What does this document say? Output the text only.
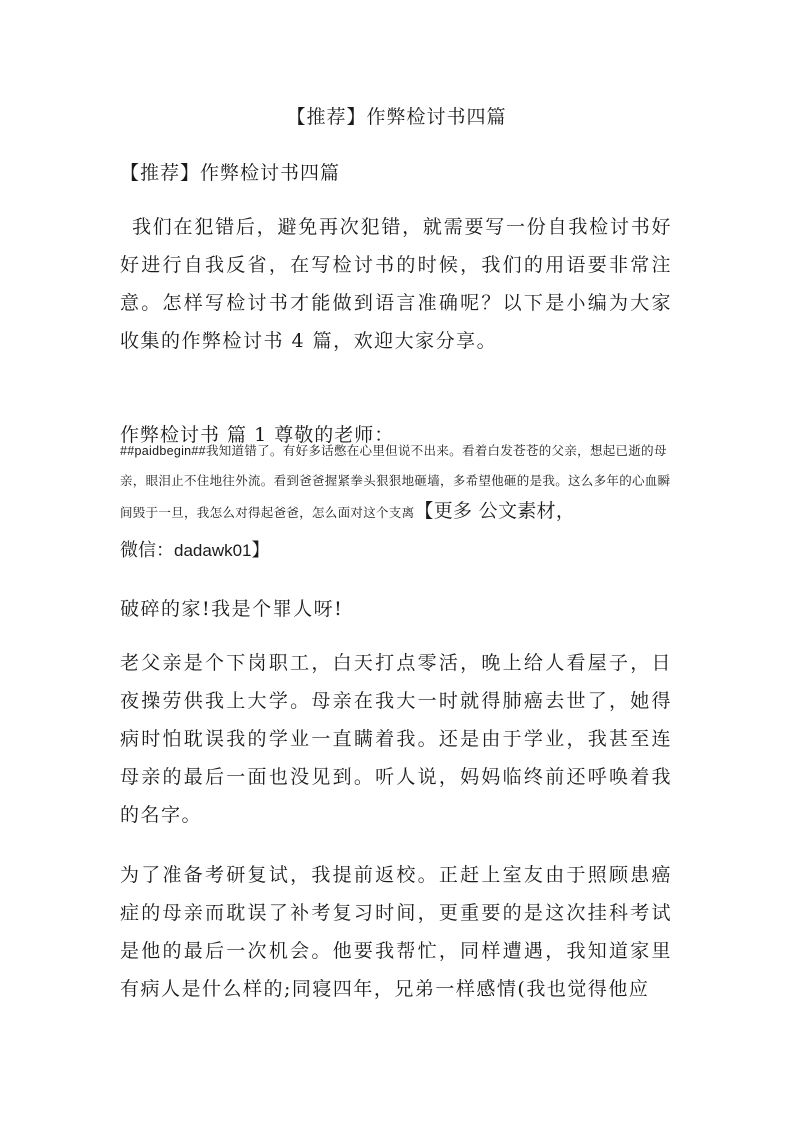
【推荐】作弊检讨书四篇
【推荐】作弊检讨书四篇

我们在犯错后，避免再次犯错，就需要写一份自我检讨书好好进行自我反省，在写检讨书的时候，我们的用语要非常注意。怎样写检讨书才能做到语言准确呢？以下是小编为大家收集的作弊检讨书 4 篇，欢迎大家分享。

作弊检讨书 篇 1 尊敬的老师：
##paidbegin##我知道错了。有好多话憋在心里但说不出来。看着白发苍苍的父亲，想起已逝的母亲，眼泪止不住地往外流。看到爸爸握紧拳头狠狠地砸墙，多希望他砸的是我。这么多年的心血瞬间毁于一旦，我怎么对得起爸爸，怎么面对这个支离【更多 公文素材，
微信：dadawk01】

破碎的家!我是个罪人呀!

老父亲是个下岗职工，白天打点零活，晚上给人看屋子，日夜操劳供我上大学。母亲在我大一时就得肺癌去世了，她得病时怕耽误我的学业一直瞒着我。还是由于学业，我甚至连母亲的最后一面也没见到。听人说，妈妈临终前还呼唤着我的名字。

为了准备考研复试，我提前返校。正赶上室友由于照顾患癌症的母亲而耽误了补考复习时间，更重要的是这次挂科考试是他的最后一次机会。他要我帮忙，同样遭遇，我知道家里有病人是什么样的;同寝四年，兄弟一样感情(我也觉得他应
